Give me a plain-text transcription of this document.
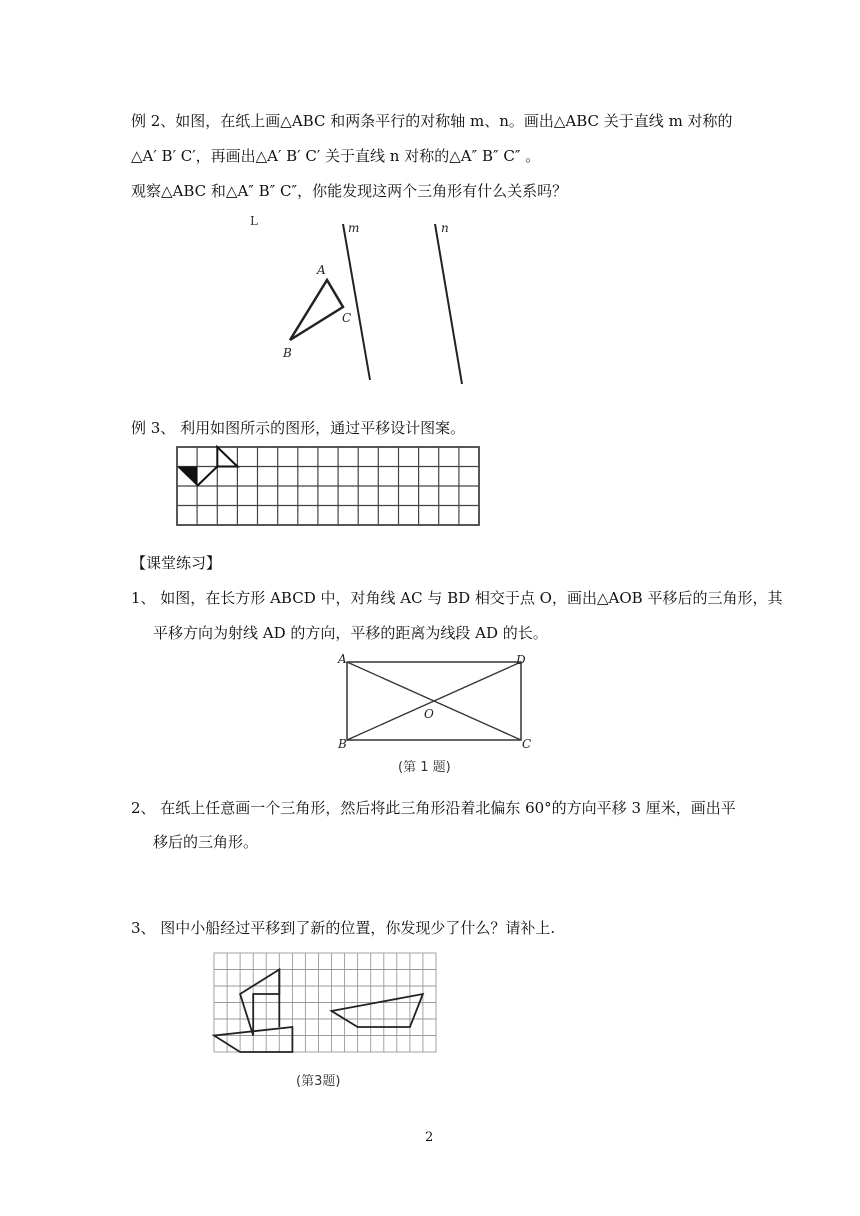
例 2、如图，在纸上画△ABC 和两条平行的对称轴 m、n。画出△ABC 关于直线 m 对称的
△A′ B′ C′，再画出△A′ B′ C′ 关于直线 n 对称的△A″ B″ C″ 。
观察△ABC 和△A″ B″ C″，你能发现这两个三角形有什么关系吗？
L	m	n
A
C
B
例 3、 利用如图所示的图形，通过平移设计图案。
【课堂练习】
1、 如图，在长方形 ABCD 中，对角线 AC 与 BD 相交于点 O，画出△AOB 平移后的三角形，其
平移方向为射线 AD 的方向，平移的距离为线段 AD 的长。
A	D
O
B	C
(第 1 题)
2、 在纸上任意画一个三角形，然后将此三角形沿着北偏东 60°的方向平移 3 厘米，画出平
移后的三角形。
3、 图中小船经过平移到了新的位置，你发现少了什么？请补上.
(第3题)
2
